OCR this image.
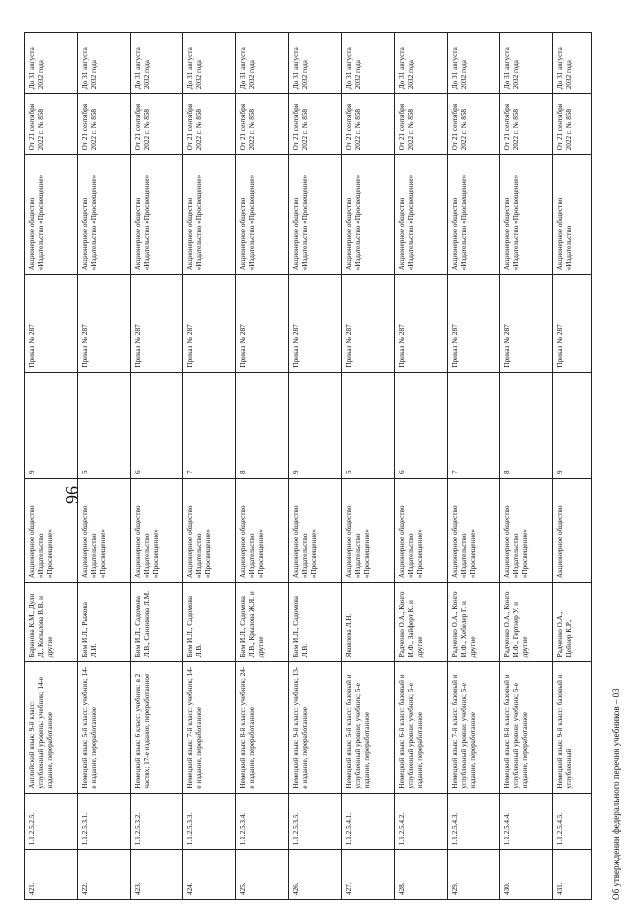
96
421.	1.1.2.5.2.5.	Английский язык: 9-й класс: углубленный уровень: учебник; 14-е издание, переработанное	Баранова К.М., Дули Д., Копылова В.В. и другие	Акционерное общество «Издательство «Просвещение»	9	Приказ № 287	Акционерное общество «Издательство «Просвещение»	От 21 сентября 2022 г. № 858	До 31 августа 2032 года
422.	1.1.2.5.3.1.	Немецкий язык: 5-й класс: учебник; 14-е издание, переработанное	Бим И.Л., Рыжова Л.И.	Акционерное общество «Издательство «Просвещение»	5	Приказ № 287	Акционерное общество «Издательство «Просвещение»	От 21 сентября 2022 г. № 858	До 31 августа 2032 года
423.	1.1.2.5.3.2.	Немецкий язык: 6 класс: учебник: в 2 частях; 17-е издание, переработанное	Бим И.Л., Садомова Л.В., Санникова Л.М.	Акционерное общество «Издательство «Просвещение»	6	Приказ № 287	Акционерное общество «Издательство «Просвещение»	От 21 сентября 2022 г. № 858	До 31 августа 2032 года
424.	1.1.2.5.3.3.	Немецкий язык: 7-й класс: учебник; 14-е издание, переработанное	Бим И.Л., Садомова Л.В.	Акционерное общество «Издательство «Просвещение»	7	Приказ № 287	Акционерное общество «Издательство «Просвещение»	От 21 сентября 2022 г. № 858	До 31 августа 2032 года
425.	1.1.2.5.3.4.	Немецкий язык: 8-й класс: учебник; 24-е издание, переработанное	Бим И.Л., Садомова Л.В., Крылова Ж.Я. и другие	Акционерное общество «Издательство «Просвещение»	8	Приказ № 287	Акционерное общество «Издательство «Просвещение»	От 21 сентября 2022 г. № 858	До 31 августа 2032 года
426.	1.1.2.5.3.5.	Немецкий язык: 9-й класс: учебник; 13-е издание, переработанное	Бим И.Л., Садомова Л.В.	Акционерное общество «Издательство «Просвещение»	9	Приказ № 287	Акционерное общество «Издательство «Просвещение»	От 21 сентября 2022 г. № 858	До 31 августа 2032 года
427.	1.1.2.5.4.1.	Немецкий язык: 5-й класс: базовый и углубленный уровни; учебник; 5-е издание, переработанное	Яковлева Л.Н.	Акционерное общество «Издательство «Просвещение»	5	Приказ № 287	Акционерное общество «Издательство «Просвещение»	От 21 сентября 2022 г. № 858	До 31 августа 2032 года
428.	1.1.2.5.4.2.	Немецкий язык: 6-й класс: базовый и углубленный уровни: учебник; 5-е издание, переработанное	Радченко О.А., Конго И.Ф., Зайферт К. и другие	Акционерное общество «Издательство «Просвещение»	6	Приказ № 287	Акционерное общество «Издательство «Просвещение»	От 21 сентября 2022 г. № 858	До 31 августа 2032 года
429.	1.1.2.5.4.3.	Немецкий язык: 7-й класс: базовый и углубленный уровни: учебник; 5-е издание, переработанное	Радченко О.А., Конго И.Ф., Хебелер Г. и другие	Акционерное общество «Издательство «Просвещение»	7	Приказ № 287	Акционерное общество «Издательство «Просвещение»	От 21 сентября 2022 г. № 858	До 31 августа 2032 года
430.	1.1.2.5.4.4.	Немецкий язык: 8-й класс: базовый и углубленный уровни: учебник; 5-е издание, переработанное	Радченко О.А., Конго И.Ф., Гертнер У. и другие	Акционерное общество «Издательство «Просвещение»	8	Приказ № 287	Акционерное общество «Издательство «Просвещение»	От 21 сентября 2022 г. № 858	До 31 августа 2032 года
431.	1.1.2.5.4.5.	Немецкий язык: 9-й класс: базовый и углубленный	Радченко О.А., Цейнер К.Р.,	Акционерное общество	9	Приказ № 287	Акционерное общество «Издательство	От 21 сентября 2022 г. № 858	До 31 августа 2032 года
Об утверждении федерального перечня учебников – 03
